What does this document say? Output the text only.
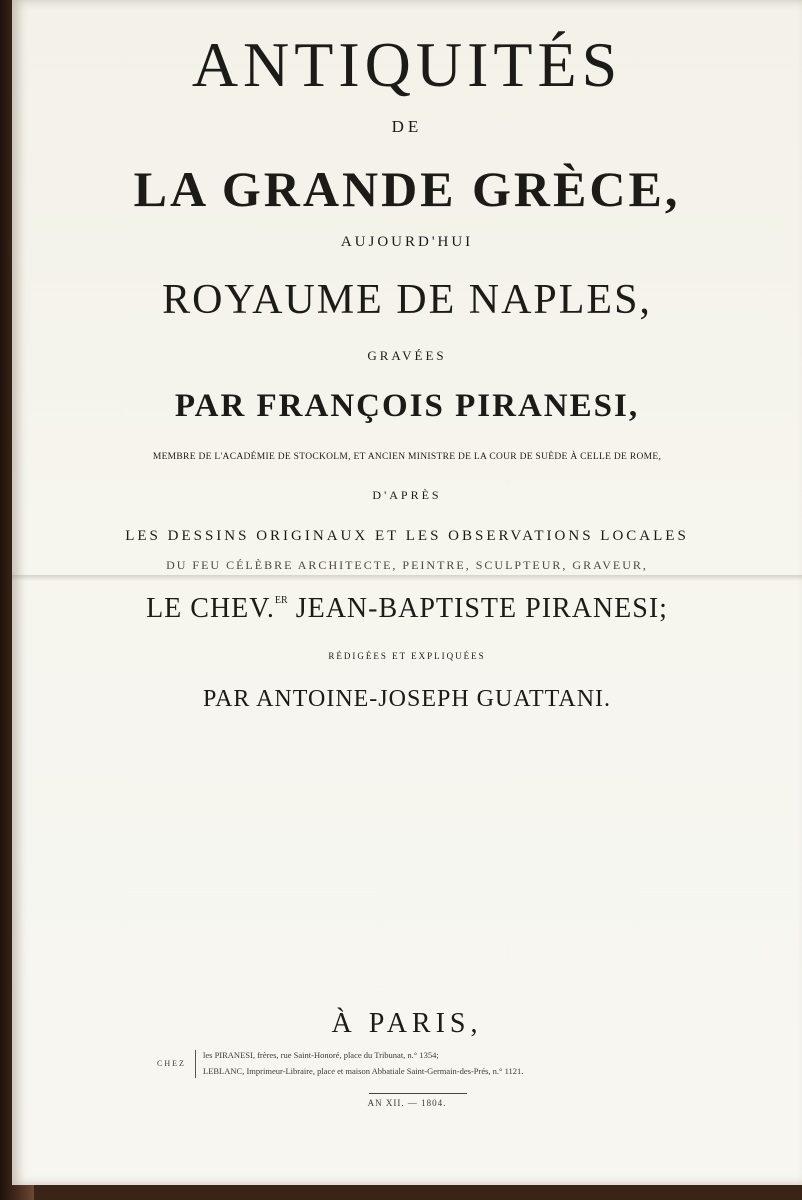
ANTIQUITÉS
DE
LA GRANDE GRÈCE,
AUJOURD'HUI
ROYAUME DE NAPLES,
GRAVÉES
PAR FRANÇOIS PIRANESI,
MEMBRE DE L'ACADÉMIE DE STOCKOLM, ET ANCIEN MINISTRE DE LA COUR DE SUÈDE À CELLE DE ROME,
D'APRÈS
LES DESSINS ORIGINAUX ET LES OBSERVATIONS LOCALES
DU FEU CÉLÈBRE ARCHITECTE, PEINTRE, SCULPTEUR, GRAVEUR,
LE CHEV.$^{ER}$ JEAN-BAPTISTE PIRANESI;
RÉDIGÉES ET EXPLIQUÉES
PAR ANTOINE-JOSEPH GUATTANI.
À PARIS,
CHEZ
les PIRANESI, frères, rue Saint-Honoré, place du Tribunat, n.° 1354;
LEBLANC, Imprimeur-Libraire, place et maison Abbatiale Saint-Germain-des-Prés, n.° 1121.
AN XII. — 1804.
